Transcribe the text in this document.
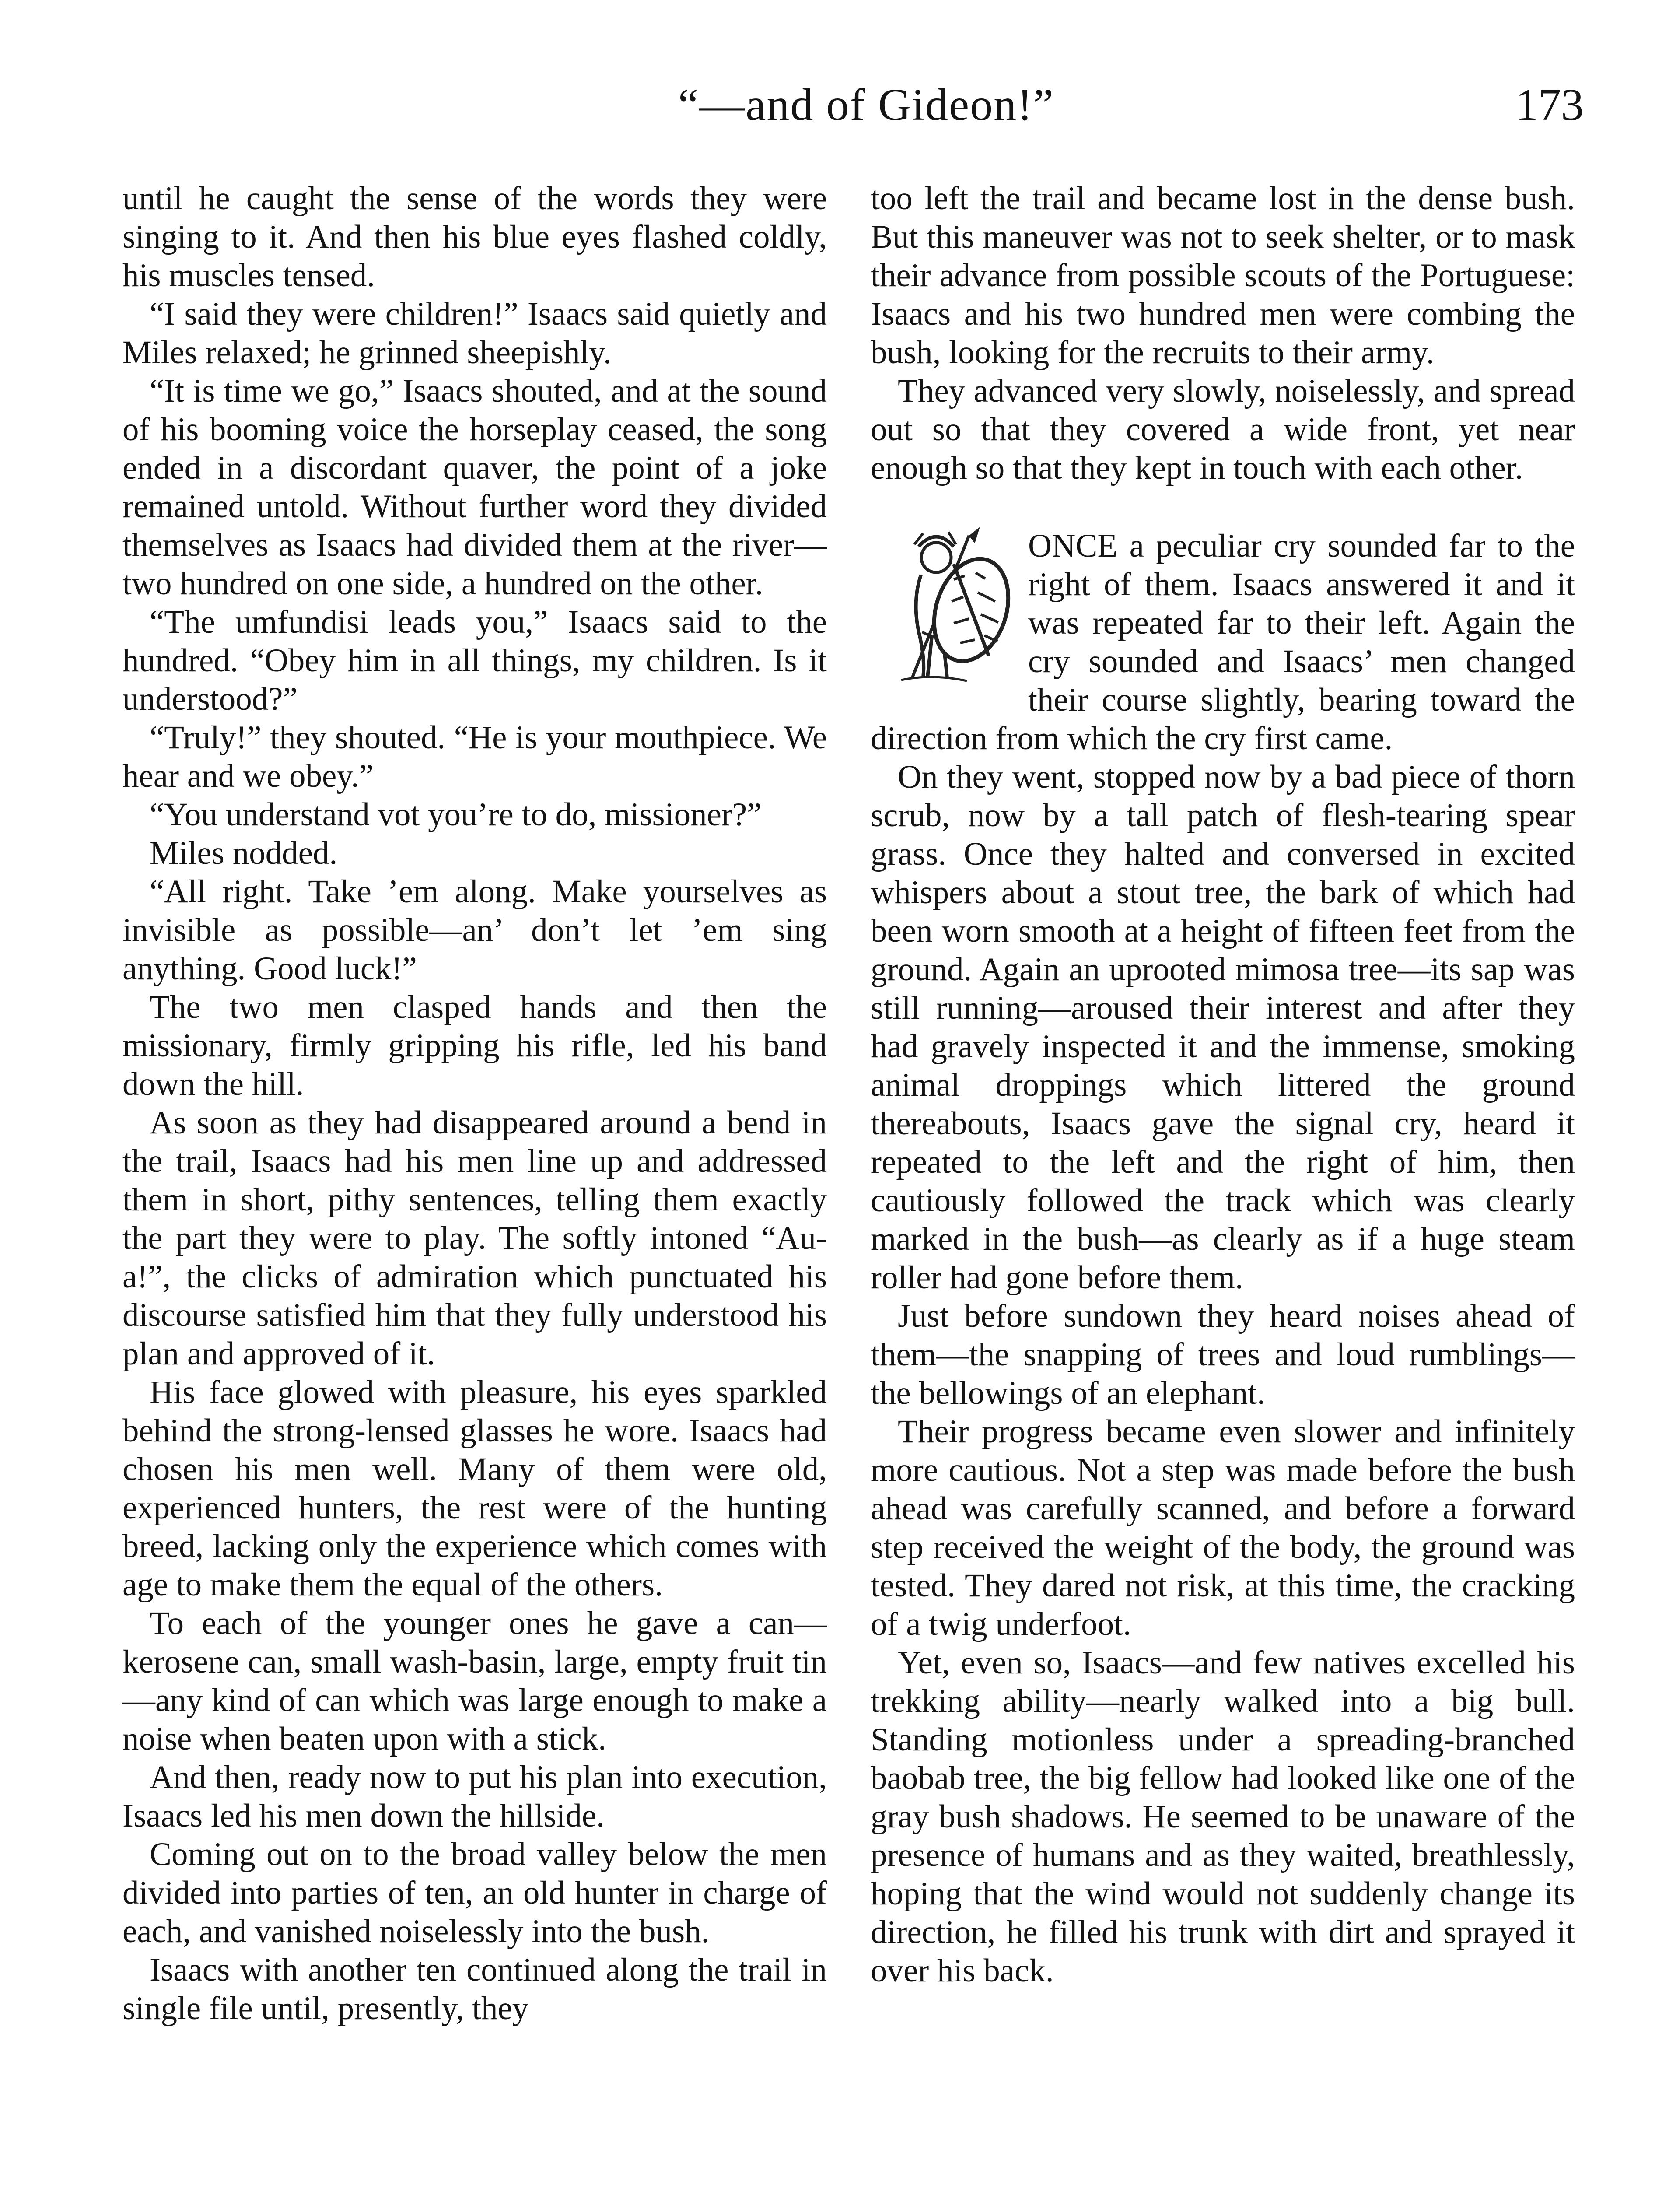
“—and of Gideon!”	173

until he caught the sense of the words they were singing to it. And then his blue eyes flashed coldly, his muscles tensed.

“I said they were children!” Isaacs said quietly and Miles relaxed; he grinned sheepishly.

“It is time we go,” Isaacs shouted, and at the sound of his booming voice the horseplay ceased, the song ended in a discordant quaver, the point of a joke remained untold. Without further word they divided themselves as Isaacs had divided them at the river—two hundred on one side, a hundred on the other.

“The umfundisi leads you,” Isaacs said to the hundred. “Obey him in all things, my children. Is it understood?”

“Truly!” they shouted. “He is your mouthpiece. We hear and we obey.”

“You understand vot you’re to do, missioner?”

Miles nodded.

“All right. Take ’em along. Make yourselves as invisible as possible—an’ don’t let ’em sing anything. Good luck!”

The two men clasped hands and then the missionary, firmly gripping his rifle, led his band down the hill.

As soon as they had disappeared around a bend in the trail, Isaacs had his men line up and addressed them in short, pithy sentences, telling them exactly the part they were to play. The softly intoned “Au-a!”, the clicks of admiration which punctuated his discourse satisfied him that they fully understood his plan and approved of it.

His face glowed with pleasure, his eyes sparkled behind the strong-lensed glasses he wore. Isaacs had chosen his men well. Many of them were old, experienced hunters, the rest were of the hunting breed, lacking only the experience which comes with age to make them the equal of the others.

To each of the younger ones he gave a can—kerosene can, small wash-basin, large, empty fruit tin—any kind of can which was large enough to make a noise when beaten upon with a stick.

And then, ready now to put his plan into execution, Isaacs led his men down the hillside.

Coming out on to the broad valley below the men divided into parties of ten, an old hunter in charge of each, and vanished noiselessly into the bush.

Isaacs with another ten continued along the trail in single file until, presently, they

too left the trail and became lost in the dense bush. But this maneuver was not to seek shelter, or to mask their advance from possible scouts of the Portuguese: Isaacs and his two hundred men were combing the bush, looking for the recruits to their army.

They advanced very slowly, noiselessly, and spread out so that they covered a wide front, yet near enough so that they kept in touch with each other.

ONCE a peculiar cry sounded far to the right of them. Isaacs answered it and it was repeated far to their left. Again the cry sounded and Isaacs’ men changed their course slightly, bearing toward the direction from which the cry first came.

On they went, stopped now by a bad piece of thorn scrub, now by a tall patch of flesh-tearing spear grass. Once they halted and conversed in excited whispers about a stout tree, the bark of which had been worn smooth at a height of fifteen feet from the ground. Again an uprooted mimosa tree—its sap was still running—aroused their interest and after they had gravely inspected it and the immense, smoking animal droppings which littered the ground thereabouts, Isaacs gave the signal cry, heard it repeated to the left and the right of him, then cautiously followed the track which was clearly marked in the bush—as clearly as if a huge steam roller had gone before them.

Just before sundown they heard noises ahead of them—the snapping of trees and loud rumblings—the bellowings of an elephant.

Their progress became even slower and infinitely more cautious. Not a step was made before the bush ahead was carefully scanned, and before a forward step received the weight of the body, the ground was tested. They dared not risk, at this time, the cracking of a twig underfoot.

Yet, even so, Isaacs—and few natives excelled his trekking ability—nearly walked into a big bull. Standing motionless under a spreading-branched baobab tree, the big fellow had looked like one of the gray bush shadows. He seemed to be unaware of the presence of humans and as they waited, breathlessly, hoping that the wind would not suddenly change its direction, he filled his trunk with dirt and sprayed it over his back.
